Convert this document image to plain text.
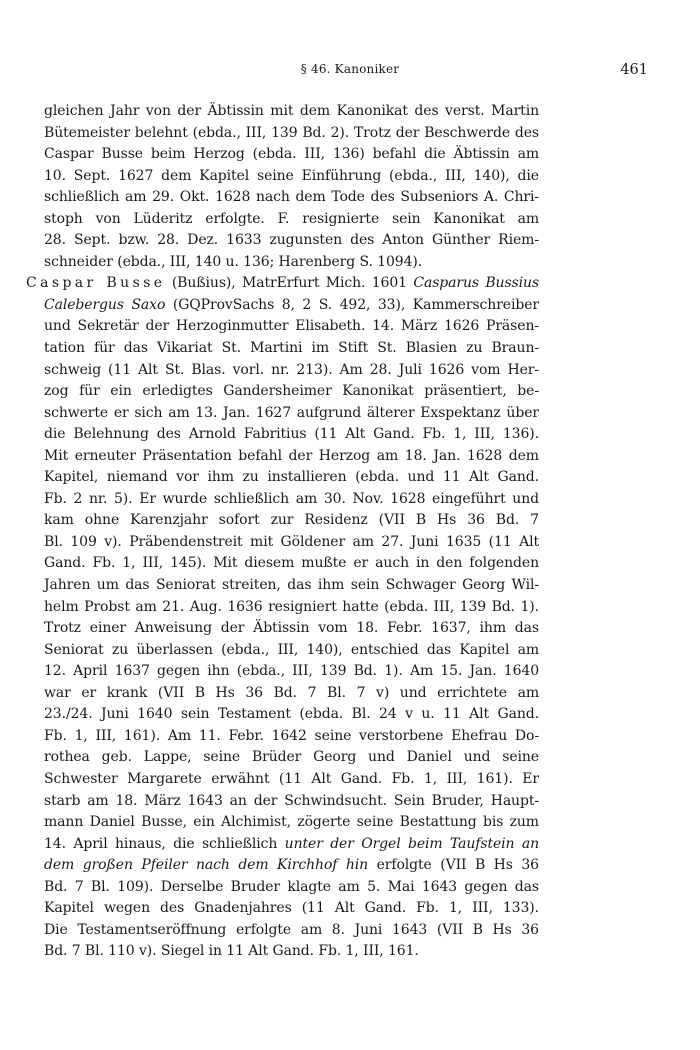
§ 46. Kanoniker	461

gleichen Jahr von der Äbtissin mit dem Kanonikat des verst. Martin
Bütemeister belehnt (ebda., III, 139 Bd. 2). Trotz der Beschwerde des
Caspar Busse beim Herzog (ebda. III, 136) befahl die Äbtissin am
10. Sept. 1627 dem Kapitel seine Einführung (ebda., III, 140), die
schließlich am 29. Okt. 1628 nach dem Tode des Subseniors A. Chri-
stoph von Lüderitz erfolgte. F. resignierte sein Kanonikat am
28. Sept. bzw. 28. Dez. 1633 zugunsten des Anton Günther Riem-
schneider (ebda., III, 140 u. 136; Harenberg S. 1094).

Caspar Busse (Bußius), MatrErfurt Mich. 1601 Casparus Bussius
Calebergus Saxo (GQProvSachs 8, 2 S. 492, 33), Kammerschreiber
und Sekretär der Herzoginmutter Elisabeth. 14. März 1626 Präsen-
tation für das Vikariat St. Martini im Stift St. Blasien zu Braun-
schweig (11 Alt St. Blas. vorl. nr. 213). Am 28. Juli 1626 vom Her-
zog für ein erledigtes Gandersheimer Kanonikat präsentiert, be-
schwerte er sich am 13. Jan. 1627 aufgrund älterer Exspektanz über
die Belehnung des Arnold Fabritius (11 Alt Gand. Fb. 1, III, 136).
Mit erneuter Präsentation befahl der Herzog am 18. Jan. 1628 dem
Kapitel, niemand vor ihm zu installieren (ebda. und 11 Alt Gand.
Fb. 2 nr. 5). Er wurde schließlich am 30. Nov. 1628 eingeführt und
kam ohne Karenzjahr sofort zur Residenz (VII B Hs 36 Bd. 7
Bl. 109 v). Präbendenstreit mit Göldener am 27. Juni 1635 (11 Alt
Gand. Fb. 1, III, 145). Mit diesem mußte er auch in den folgenden
Jahren um das Seniorat streiten, das ihm sein Schwager Georg Wil-
helm Probst am 21. Aug. 1636 resigniert hatte (ebda. III, 139 Bd. 1).
Trotz einer Anweisung der Äbtissin vom 18. Febr. 1637, ihm das
Seniorat zu überlassen (ebda., III, 140), entschied das Kapitel am
12. April 1637 gegen ihn (ebda., III, 139 Bd. 1). Am 15. Jan. 1640
war er krank (VII B Hs 36 Bd. 7 Bl. 7 v) und errichtete am
23./24. Juni 1640 sein Testament (ebda. Bl. 24 v u. 11 Alt Gand.
Fb. 1, III, 161). Am 11. Febr. 1642 seine verstorbene Ehefrau Do-
rothea geb. Lappe, seine Brüder Georg und Daniel und seine
Schwester Margarete erwähnt (11 Alt Gand. Fb. 1, III, 161). Er
starb am 18. März 1643 an der Schwindsucht. Sein Bruder, Haupt-
mann Daniel Busse, ein Alchimist, zögerte seine Bestattung bis zum
14. April hinaus, die schließlich unter der Orgel beim Taufstein an
dem großen Pfeiler nach dem Kirchhof hin erfolgte (VII B Hs 36
Bd. 7 Bl. 109). Derselbe Bruder klagte am 5. Mai 1643 gegen das
Kapitel wegen des Gnadenjahres (11 Alt Gand. Fb. 1, III, 133).
Die Testamentseröffnung erfolgte am 8. Juni 1643 (VII B Hs 36
Bd. 7 Bl. 110 v). Siegel in 11 Alt Gand. Fb. 1, III, 161.
